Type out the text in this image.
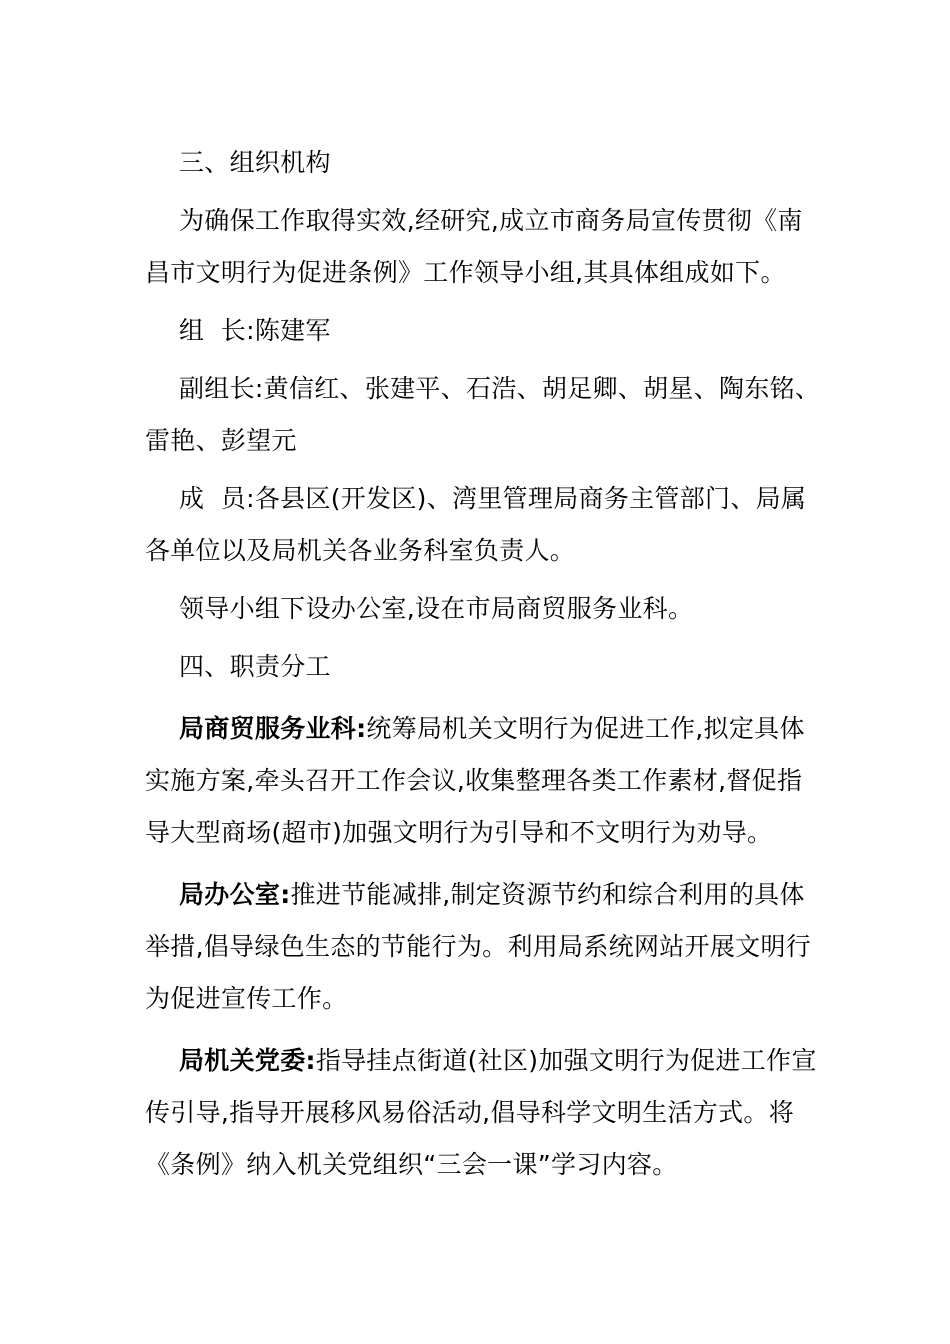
三、组织机构

为确保工作取得实效,经研究,成立市商务局宣传贯彻《南昌市文明行为促进条例》工作领导小组,其具体组成如下。

组  长:陈建军

副组长:黄信红、张建平、石浩、胡足卿、胡星、陶东铭、雷艳、彭望元

成  员:各县区(开发区)、湾里管理局商务主管部门、局属各单位以及局机关各业务科室负责人。

领导小组下设办公室,设在市局商贸服务业科。

四、职责分工

局商贸服务业科:统筹局机关文明行为促进工作,拟定具体实施方案,牵头召开工作会议,收集整理各类工作素材,督促指导大型商场(超市)加强文明行为引导和不文明行为劝导。

局办公室:推进节能减排,制定资源节约和综合利用的具体举措,倡导绿色生态的节能行为。利用局系统网站开展文明行为促进宣传工作。

局机关党委:指导挂点街道(社区)加强文明行为促进工作宣传引导,指导开展移风易俗活动,倡导科学文明生活方式。将《条例》纳入机关党组织“三会一课”学习内容。
